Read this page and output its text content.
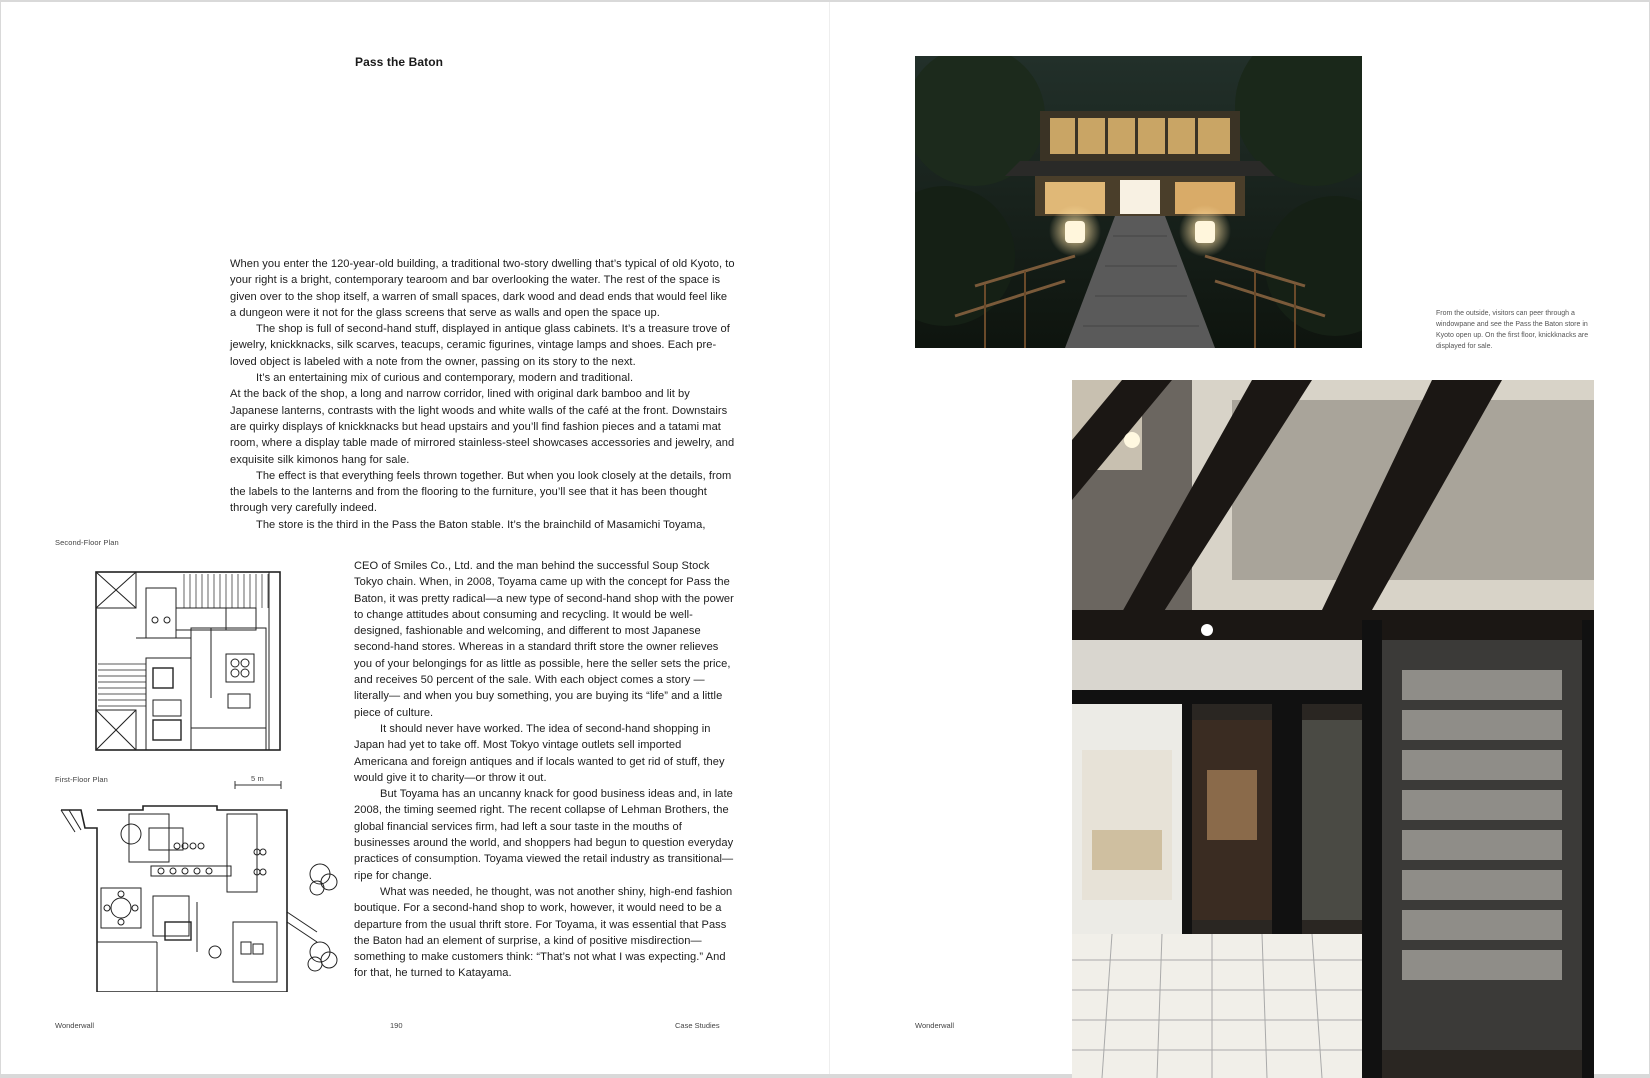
Pass the Baton

When you enter the 120-year-old building, a traditional two-story dwelling that’s typical of old Kyoto, to your right is a bright, contemporary tearoom and bar overlooking the water. The rest of the space is given over to the shop itself, a warren of small spaces, dark wood and dead ends that would feel like a dungeon were it not for the glass screens that serve as walls and open the space up.

The shop is full of second-hand stuff, displayed in antique glass cabinets. It’s a treasure trove of jewelry, knickknacks, silk scarves, teacups, ceramic figurines, vintage lamps and shoes. Each pre-loved object is labeled with a note from the owner, passing on its story to the next.

It’s an entertaining mix of curious and contemporary, modern and traditional.

At the back of the shop, a long and narrow corridor, lined with original dark bamboo and lit by Japanese lanterns, contrasts with the light woods and white walls of the café at the front. Downstairs are quirky displays of knickknacks but head upstairs and you’ll find fashion pieces and a tatami mat room, where a display table made of mirrored stainless-steel showcases accessories and jewelry, and exquisite silk kimonos hang for sale.

The effect is that everything feels thrown together. But when you look closely at the details, from the labels to the lanterns and from the flooring to the furniture, you’ll see that it has been thought through very carefully indeed.

The store is the third in the Pass the Baton stable. It’s the brainchild of Masamichi Toyama,

CEO of Smiles Co., Ltd. and the man behind the successful Soup Stock Tokyo chain. When, in 2008, Toyama came up with the concept for Pass the Baton, it was pretty radical—a new type of second-hand shop with the power to change attitudes about consuming and recycling. It would be well-designed, fashionable and welcoming, and different to most Japanese second-hand stores. Whereas in a standard thrift store the owner relieves you of your belongings for as little as possible, here the seller sets the price, and receives 50 percent of the sale. With each object comes a story —literally— and when you buy something, you are buying its “life” and a little piece of culture.

It should never have worked. The idea of second-hand shopping in Japan had yet to take off. Most Tokyo vintage outlets sell imported Americana and foreign antiques and if locals wanted to get rid of stuff, they would give it to charity—or throw it out.

But Toyama has an uncanny knack for good business ideas and, in late 2008, the timing seemed right. The recent collapse of Lehman Brothers, the global financial services firm, had left a sour taste in the mouths of businesses around the world, and shoppers had begun to question everyday practices of consumption. Toyama viewed the retail industry as transitional—ripe for change.

What was needed, he thought, was not another shiny, high-end fashion boutique. For a second-hand shop to work, however, it would need to be a departure from the usual thrift store. For Toyama, it was essential that Pass the Baton had an element of surprise, a kind of positive misdirection—something to make customers think: “That’s not what I was expecting.” And for that, he turned to Katayama.

Second-Floor Plan
First-Floor Plan	5 m
Wonderwall	190	Case Studies
From the outside, visitors can peer through a windowpane and see the Pass the Baton store in Kyoto open up. On the first floor, knickknacks are displayed for sale.
Wonderwall
